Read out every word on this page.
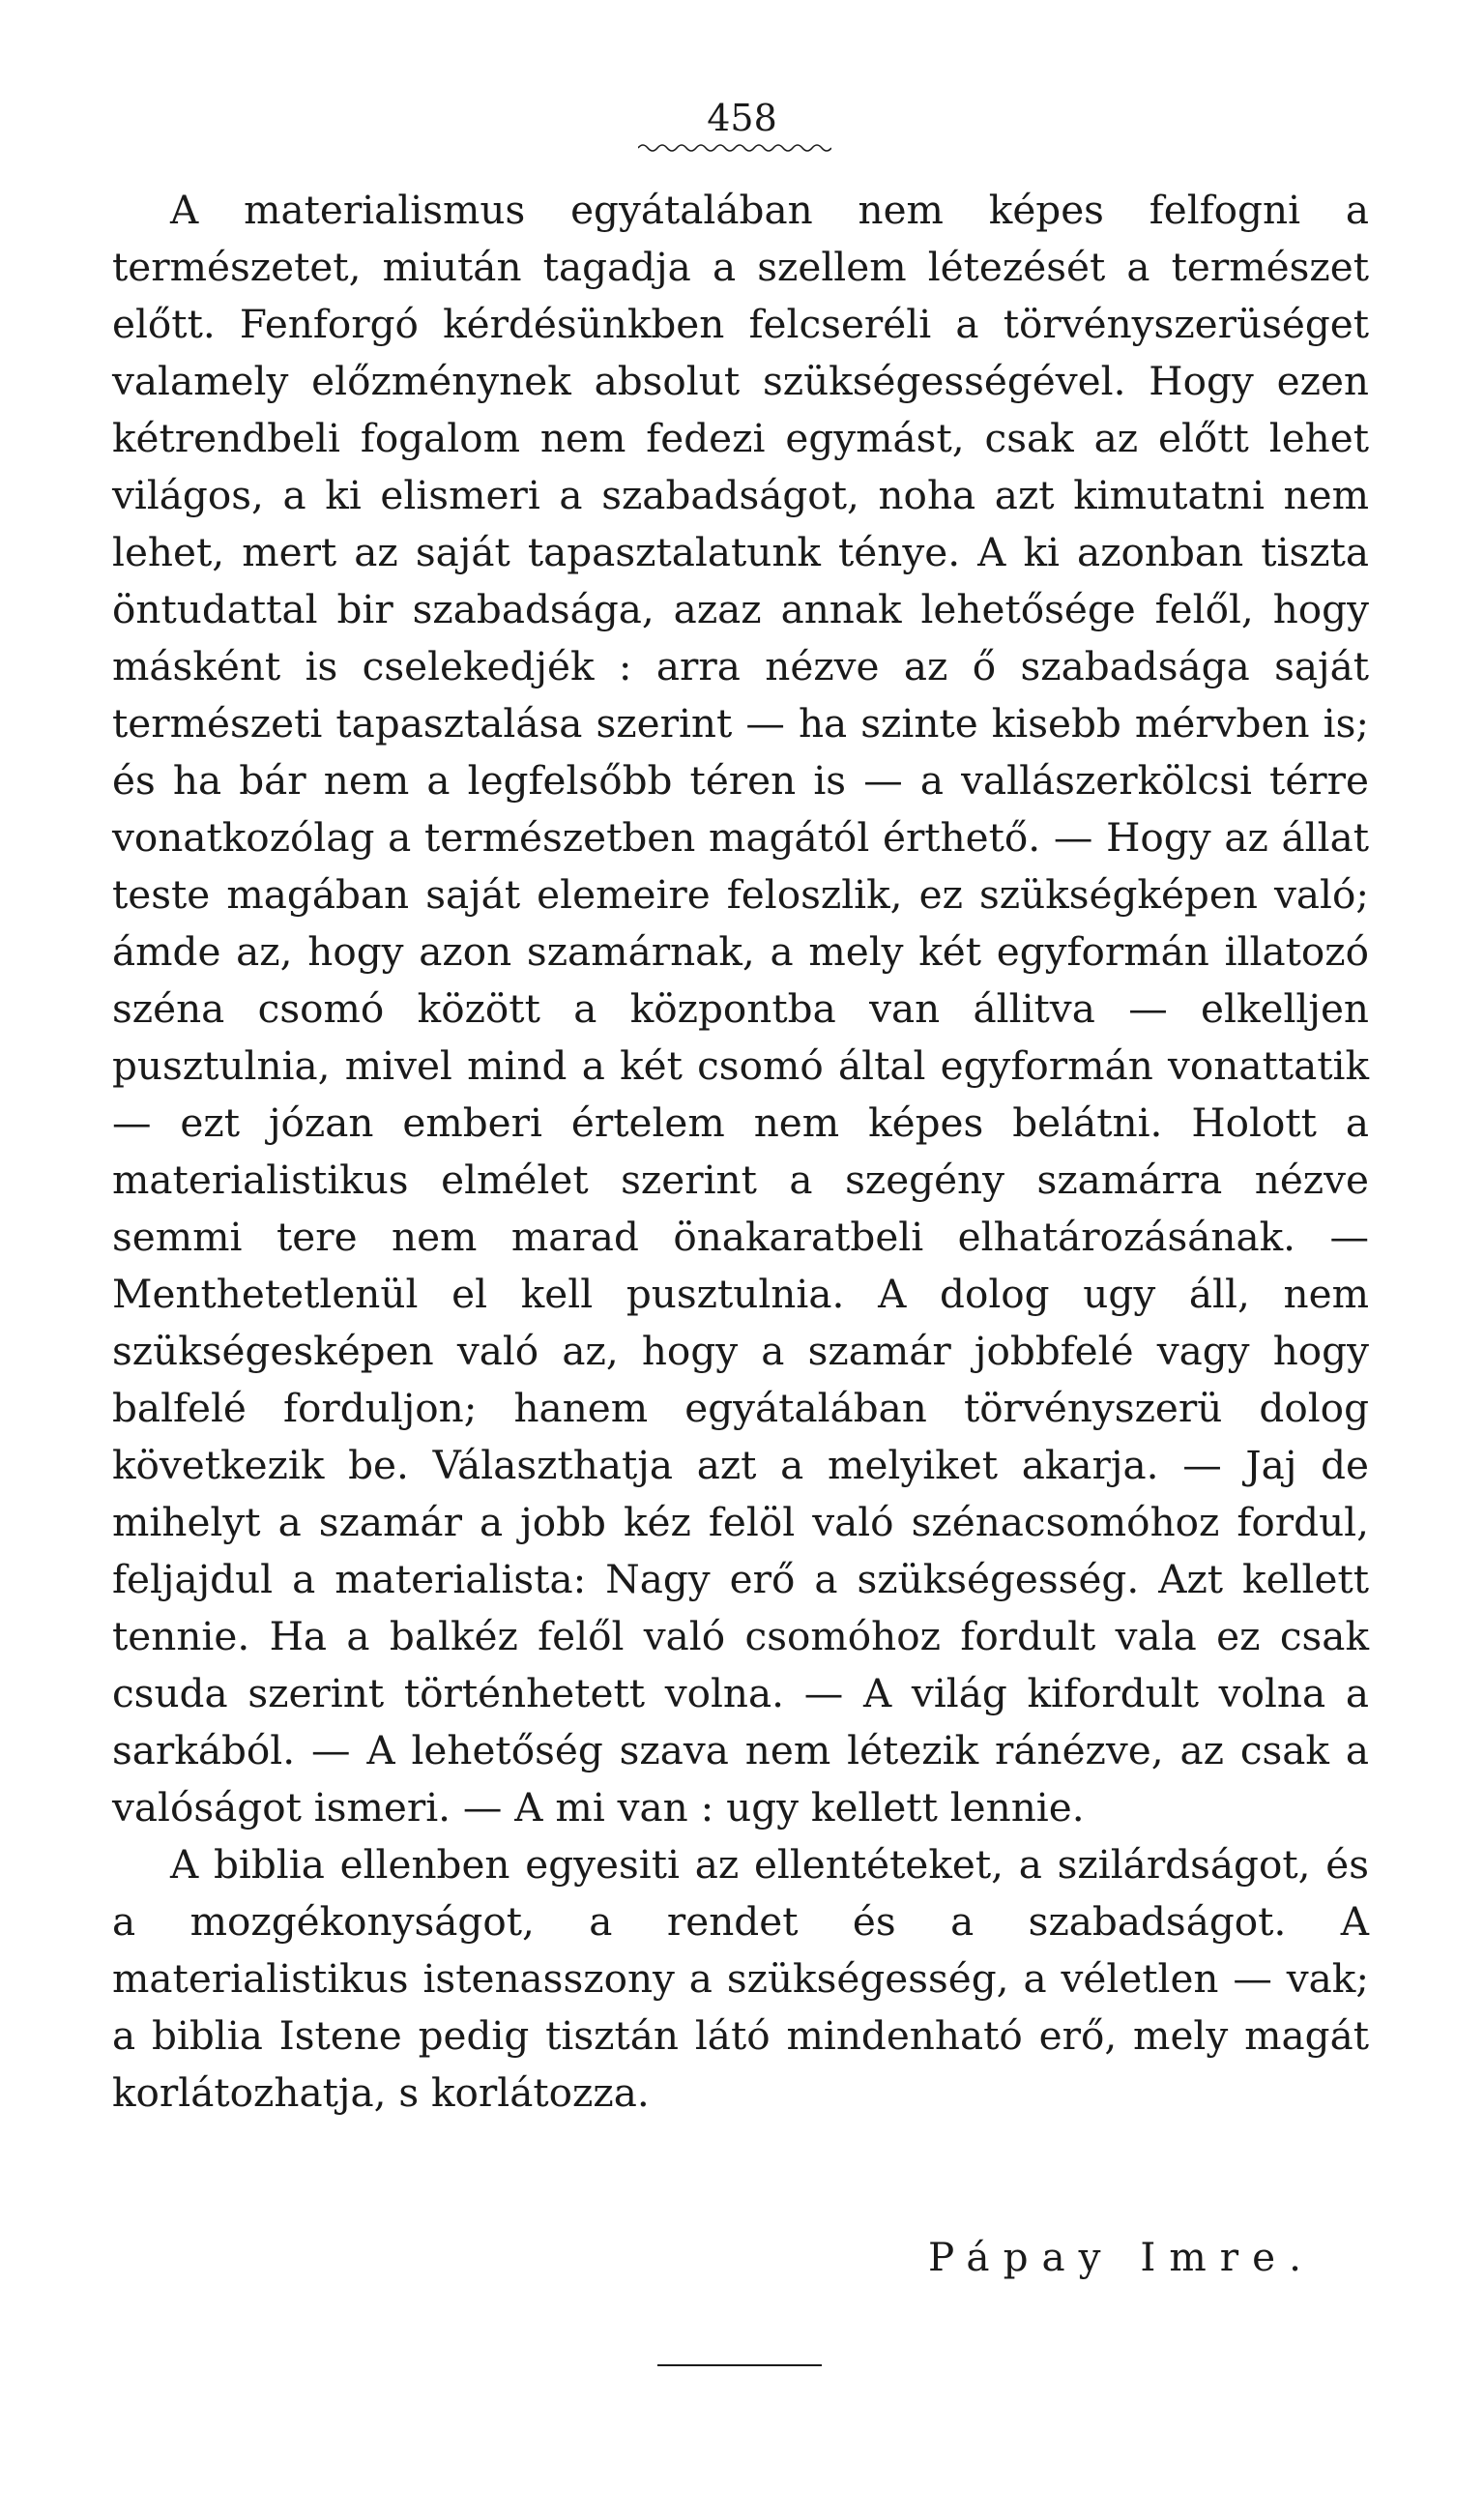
458

A materialismus egyátalában nem képes felfogni a természetet, miután tagadja a szellem létezését a természet előtt. Fenforgó kérdésünkben felcseréli a törvényszerüséget valamely előzménynek absolut szükségességével. Hogy ezen kétrendbeli fogalom nem fedezi egymást, csak az előtt lehet világos, a ki elismeri a szabadságot, noha azt kimutatni nem lehet, mert az saját tapasztalatunk ténye. A ki azonban tiszta öntudattal bir szabadsága, azaz annak lehetősége felől, hogy másként is cselekedjék : arra nézve az ő szabadsága saját természeti tapasztalása szerint — ha szinte kisebb mérvben is; és ha bár nem a legfelsőbb téren is — a vallászerkölcsi térre vonatkozólag a természetben magától érthető. — Hogy az állat teste magában saját elemeire feloszlik, ez szükségképen való; ámde az, hogy azon szamárnak, a mely két egyformán illatozó széna csomó között a központba van állitva — elkelljen pusztulnia, mivel mind a két csomó által egyformán vonattatik — ezt józan emberi értelem nem képes belátni. Holott a materialistikus elmélet szerint a szegény szamárra nézve semmi tere nem marad önakaratbeli elhatározásának. — Menthetetlenül el kell pusztulnia. A dolog ugy áll, nem szükségesképen való az, hogy a szamár jobbfelé vagy hogy balfelé forduljon; hanem egyátalában törvényszerü dolog következik be. Választhatja azt a melyiket akarja. — Jaj de mihelyt a szamár a jobb kéz felöl való szénacsomóhoz fordul, feljajdul a materialista: Nagy erő a szükségesség. Azt kellett tennie. Ha a balkéz felől való csomóhoz fordult vala ez csak csuda szerint történhetett volna. — A világ kifordult volna a sarkából. — A lehetőség szava nem létezik ránézve, az csak a valóságot ismeri. — A mi van : ugy kellett lennie.

A biblia ellenben egyesiti az ellentéteket, a szilárdságot, és a mozgékonyságot, a rendet és a szabadságot. A materialistikus istenasszony a szükségesség, a véletlen — vak; a biblia Istene pedig tisztán látó mindenható erő, mely magát korlátozhatja, s korlátozza.

Pápay Imre.
